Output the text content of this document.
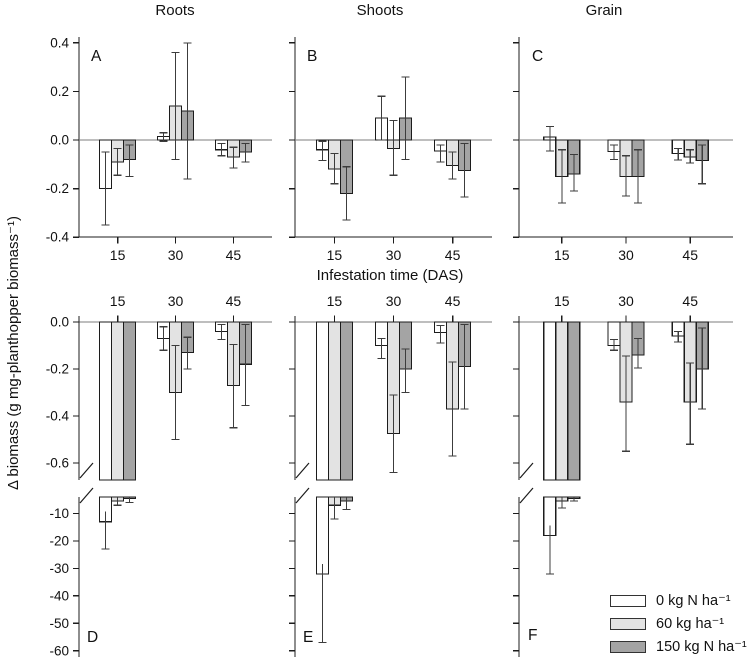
0.4
0.2
0.0
-0.2
-0.4
15	30	45	15	30	45	15	30	45
15	30	45
0.0
-0.2
-0.4
-0.6
-10
-20
-30
-40
-50
-60
15	30	45	15	30	45
Roots	Shoots	Grain
Δ biomass (g mg-planthopper biomass⁻¹)	Infestation time (DAS)
A	B	C
D	E	F
0 kg N ha⁻¹
60 kg ha⁻¹
150 kg N ha⁻¹
